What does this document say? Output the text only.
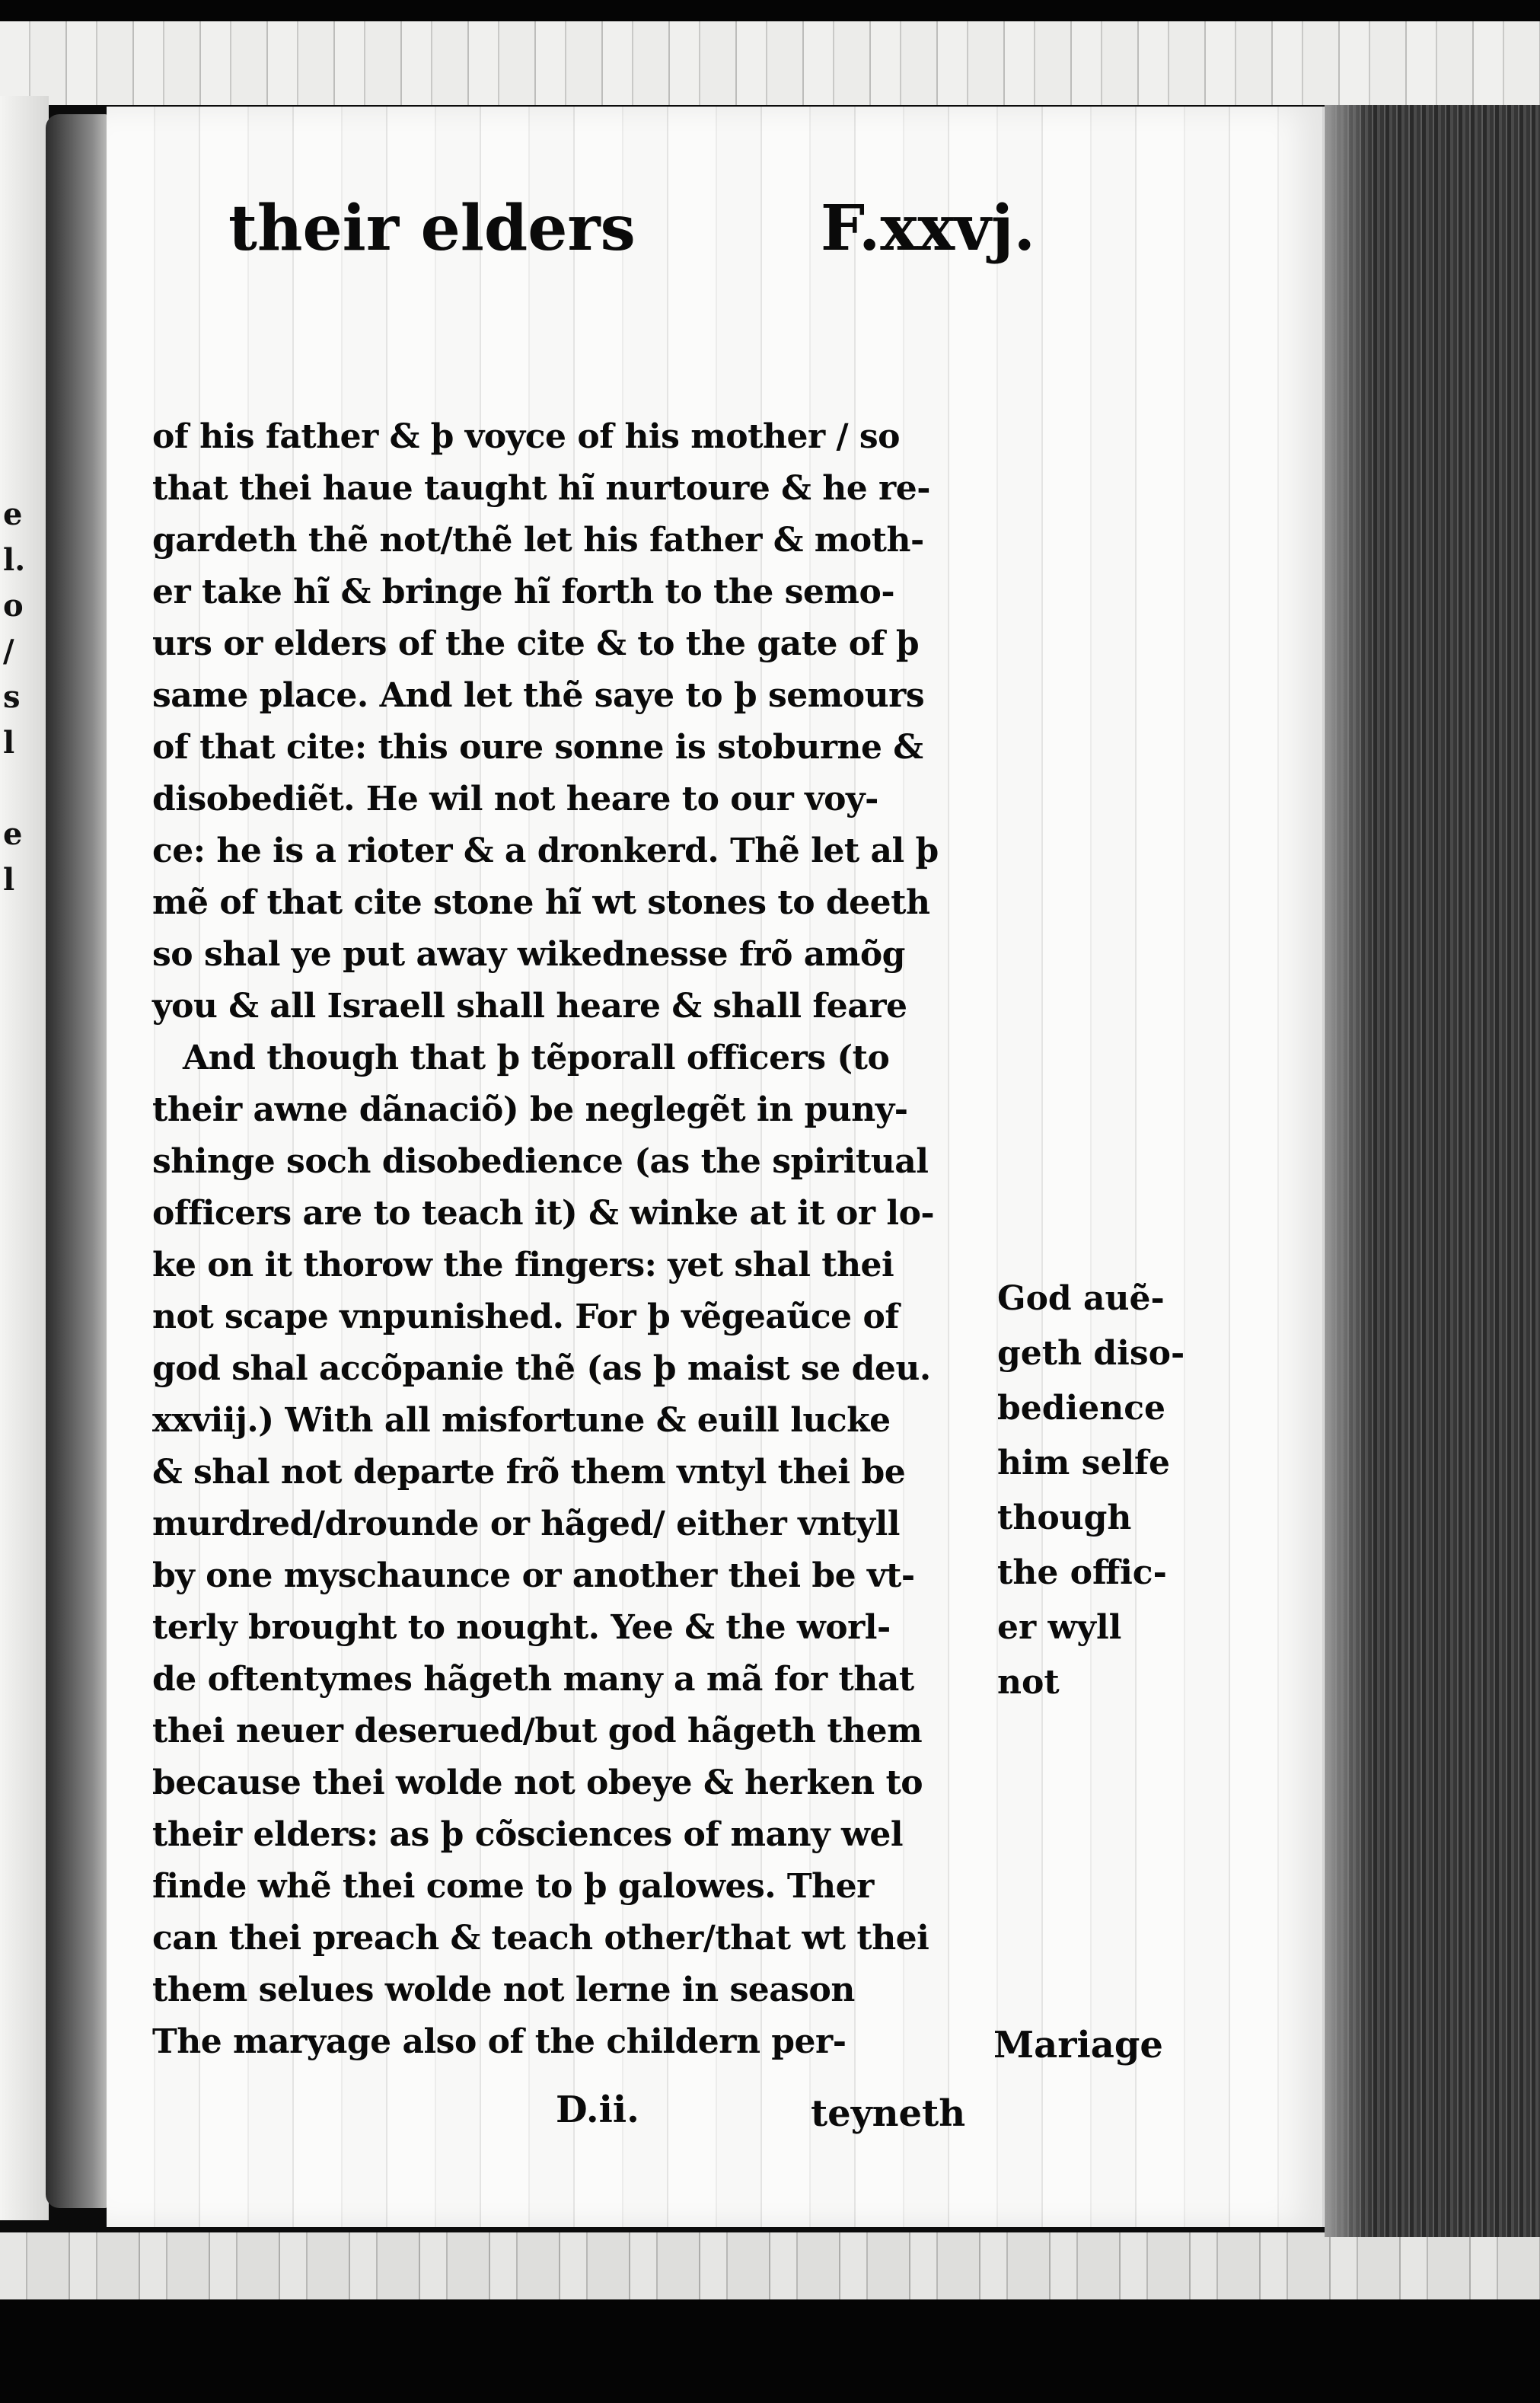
e
l.
o
/
s
l
e
l
their elders	F.xxvj.
of his father & þ voyce of his mother / so
that thei haue taught hĩ nurtoure & he re-
gardeth thẽ not/thẽ let his father & moth-
er take hĩ & bringe hĩ forth to the semo-
urs or elders of the cite & to the gate of þ
same place. And let thẽ saye to þ semours
of that cite: this oure sonne is stoburne &
disobediẽt. He wil not heare to our voy-
ce: he is a rioter & a dronkerd. Thẽ let al þ
mẽ of that cite stone hĩ wt stones to deeth
so shal ye put away wikednesse frõ amõg
you & all Israell shall heare & shall feare
And though that þ tẽporall officers (to
their awne dãnaciõ) be neglegẽt in puny-
shinge soch disobedience (as the spiritual
officers are to teach it) & winke at it or lo-
ke on it thorow the fingers: yet shal thei
not scape vnpunished. For þ vẽgeaũce of
god shal accõpanie thẽ (as þ maist se deu.
xxviij.) With all misfortune & euill lucke
& shal not departe frõ them vntyl thei be
murdred/drounde or hãged/ either vntyll
by one myschaunce or another thei be vt-
terly brought to nought. Yee & the worl-
de oftentymes hãgeth many a mã for that
thei neuer deserued/but god hãgeth them
because thei wolde not obeye & herken to
their elders: as þ cõsciences of many wel
finde whẽ thei come to þ galowes. Ther
can thei preach & teach other/that wt thei
them selues wolde not lerne in season
The maryage also of the childern per-
God auẽ-
geth diso-
bedience
him selfe
though
the offic-
er wyll
not
Mariage
D.ii.	teyneth
